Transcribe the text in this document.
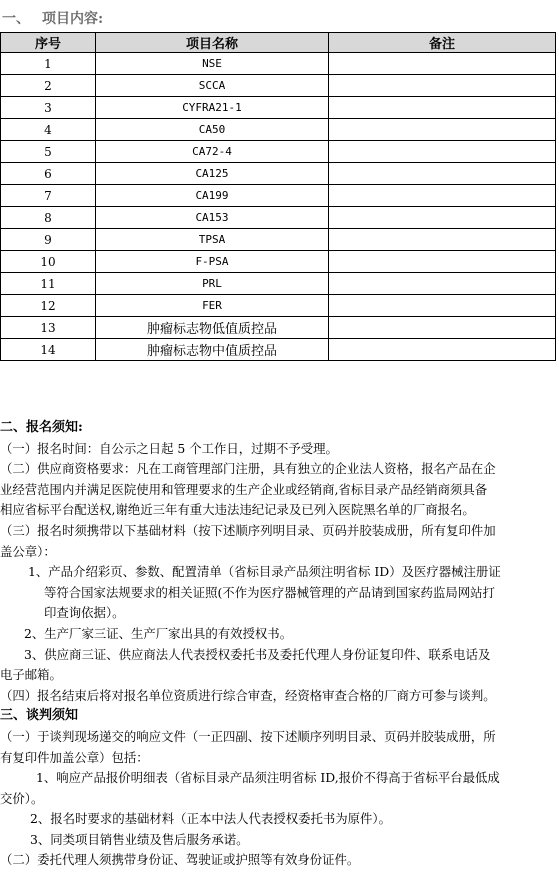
一、 项目内容:
序号	项目名称	备注
1	NSE	
2	SCCA	
3	CYFRA21-1	
4	CA50	
5	CA72-4	
6	CA125	
7	CA199	
8	CA153	
9	TPSA	
10	F-PSA	
11	PRL	
12	FER	
13	肿瘤标志物低值质控品	
14	肿瘤标志物中值质控品	

二、报名须知:

（一）报名时间：自公示之日起 5 个工作日，过期不予受理。

（二）供应商资格要求：凡在工商管理部门注册，具有独立的企业法人资格，报名产品在企

业经营范围内并满足医院使用和管理要求的生产企业或经销商,省标目录产品经销商须具备

相应省标平台配送权,谢绝近三年有重大违法违纪记录及已列入医院黑名单的厂商报名。

（三）报名时须携带以下基础材料（按下述顺序列明目录、页码并胶装成册，所有复印件加

盖公章）：

1、产品介绍彩页、参数、配置清单（省标目录产品须注明省标 ID）及医疗器械注册证

等符合国家法规要求的相关证照(不作为医疗器械管理的产品请到国家药监局网站打

印查询依据）。

2、生产厂家三证、生产厂家出具的有效授权书。

3、供应商三证、供应商法人代表授权委托书及委托代理人身份证复印件、联系电话及

电子邮箱。

（四）报名结束后将对报名单位资质进行综合审查，经资格审查合格的厂商方可参与谈判。

三、谈判须知

（一）于谈判现场递交的响应文件（一正四副、按下述顺序列明目录、页码并胶装成册，所

有复印件加盖公章）包括：

1、响应产品报价明细表（省标目录产品须注明省标 ID,报价不得高于省标平台最低成

交价）。

2、报名时要求的基础材料（正本中法人代表授权委托书为原件）。

3、同类项目销售业绩及售后服务承诺。

（二）委托代理人须携带身份证、驾驶证或护照等有效身份证件。
